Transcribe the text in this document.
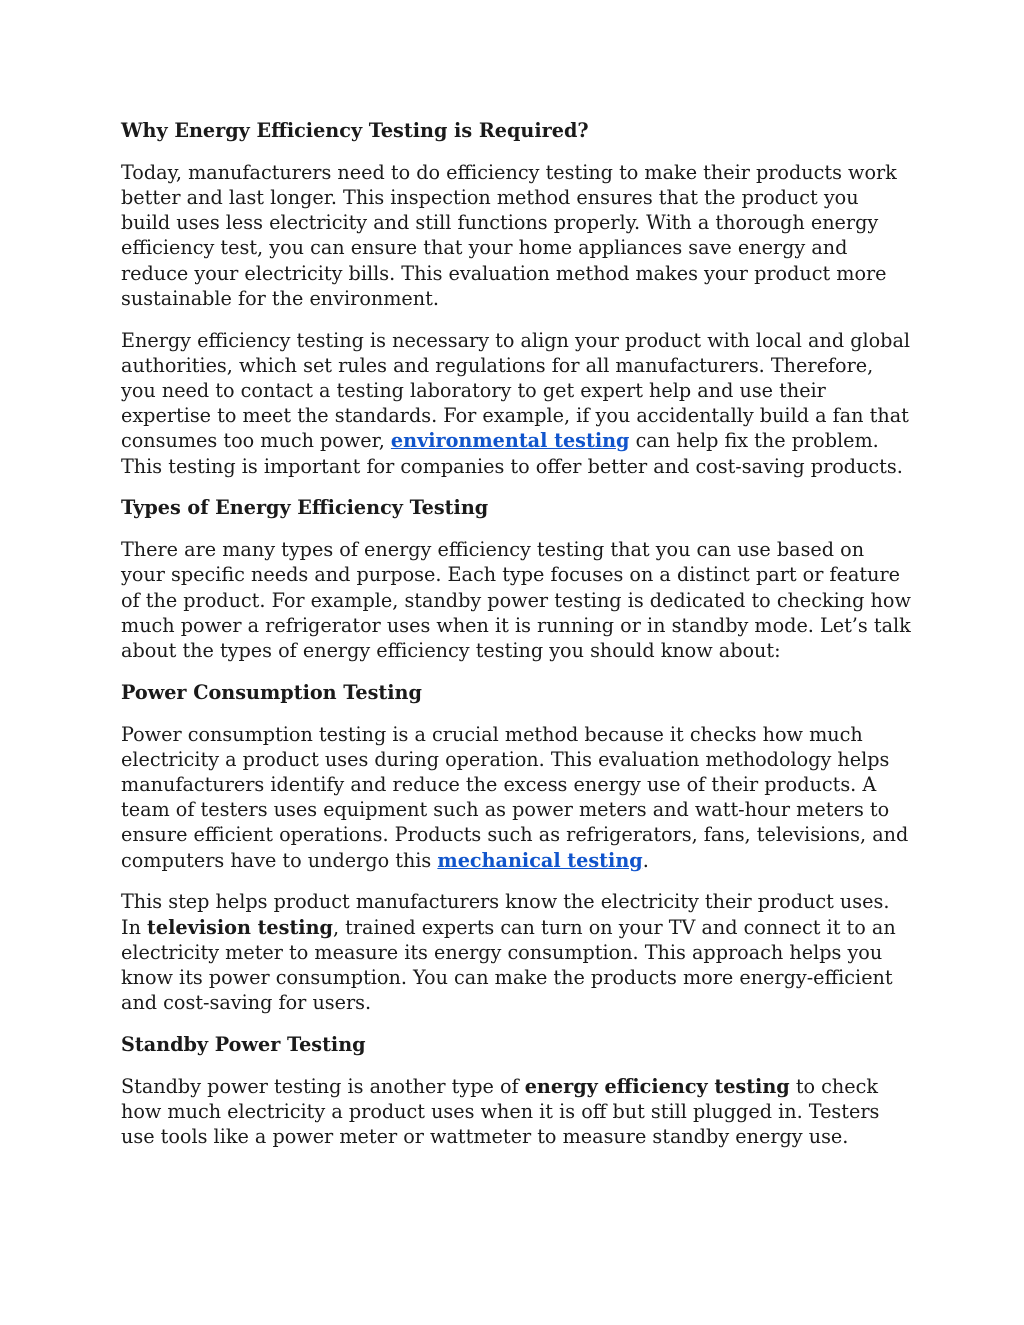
Why Energy Efficiency Testing is Required?

Today, manufacturers need to do efficiency testing to make their products work better and last longer. This inspection method ensures that the product you build uses less electricity and still functions properly. With a thorough energy efficiency test, you can ensure that your home appliances save energy and reduce your electricity bills. This evaluation method makes your product more sustainable for the environment.

Energy efficiency testing is necessary to align your product with local and global authorities, which set rules and regulations for all manufacturers. Therefore, you need to contact a testing laboratory to get expert help and use their expertise to meet the standards. For example, if you accidentally build a fan that consumes too much power, environmental testing can help fix the problem. This testing is important for companies to offer better and cost-saving products.

Types of Energy Efficiency Testing

There are many types of energy efficiency testing that you can use based on your specific needs and purpose. Each type focuses on a distinct part or feature of the product. For example, standby power testing is dedicated to checking how much power a refrigerator uses when it is running or in standby mode. Let’s talk about the types of energy efficiency testing you should know about:

Power Consumption Testing

Power consumption testing is a crucial method because it checks how much electricity a product uses during operation. This evaluation methodology helps manufacturers identify and reduce the excess energy use of their products. A team of testers uses equipment such as power meters and watt-hour meters to ensure efficient operations. Products such as refrigerators, fans, televisions, and computers have to undergo this mechanical testing.

This step helps product manufacturers know the electricity their product uses. In television testing, trained experts can turn on your TV and connect it to an electricity meter to measure its energy consumption. This approach helps you know its power consumption. You can make the products more energy-efficient and cost-saving for users.

Standby Power Testing

Standby power testing is another type of energy efficiency testing to check how much electricity a product uses when it is off but still plugged in. Testers use tools like a power meter or wattmeter to measure standby energy use.
